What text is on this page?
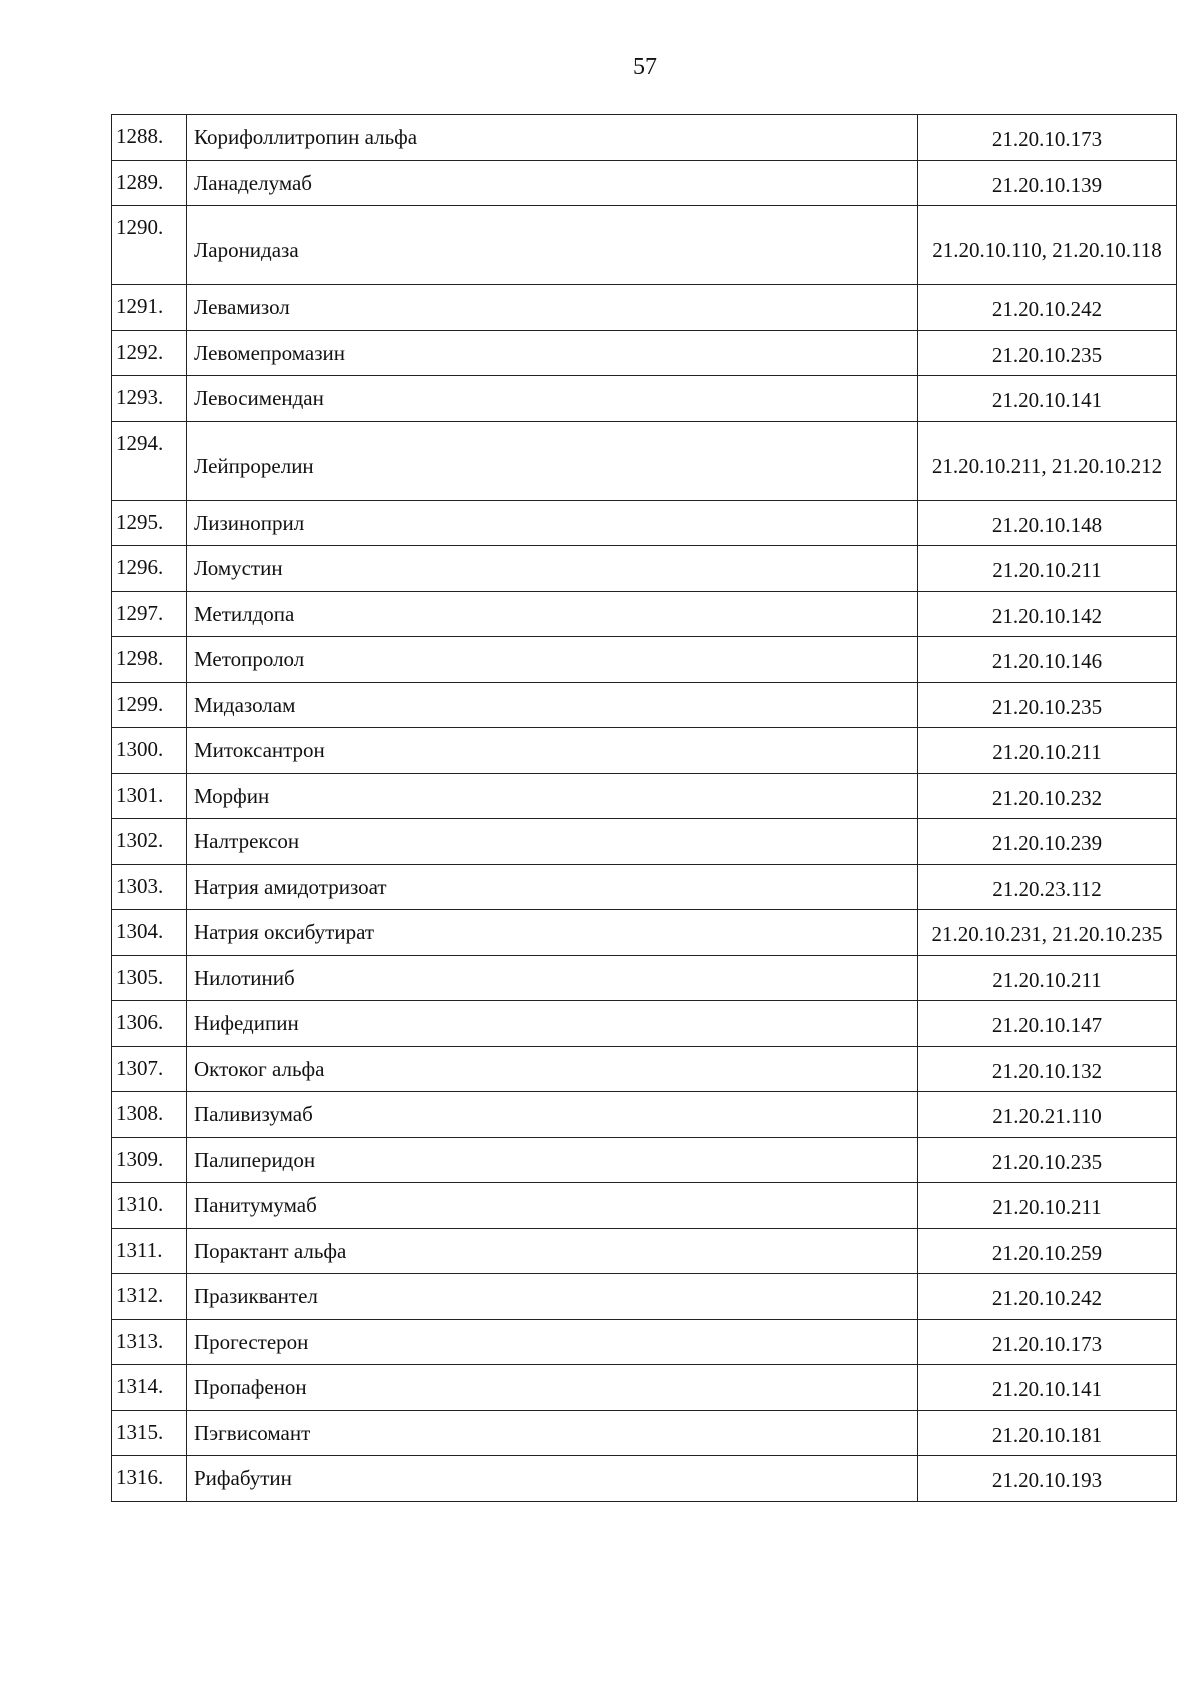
57
1288.	Корифоллитропин альфа	21.20.10.173
1289.	Ланаделумаб	21.20.10.139
1290.	Ларонидаза	21.20.10.110, 21.20.10.118
1291.	Левамизол	21.20.10.242
1292.	Левомепромазин	21.20.10.235
1293.	Левосимендан	21.20.10.141
1294.	Лейпрорелин	21.20.10.211, 21.20.10.212
1295.	Лизиноприл	21.20.10.148
1296.	Ломустин	21.20.10.211
1297.	Метилдопа	21.20.10.142
1298.	Метопролол	21.20.10.146
1299.	Мидазолам	21.20.10.235
1300.	Митоксантрон	21.20.10.211
1301.	Морфин	21.20.10.232
1302.	Налтрексон	21.20.10.239
1303.	Натрия амидотризоат	21.20.23.112
1304.	Натрия оксибутират	21.20.10.231, 21.20.10.235
1305.	Нилотиниб	21.20.10.211
1306.	Нифедипин	21.20.10.147
1307.	Октоког альфа	21.20.10.132
1308.	Паливизумаб	21.20.21.110
1309.	Палиперидон	21.20.10.235
1310.	Панитумумаб	21.20.10.211
1311.	Порактант альфа	21.20.10.259
1312.	Празиквантел	21.20.10.242
1313.	Прогестерон	21.20.10.173
1314.	Пропафенон	21.20.10.141
1315.	Пэгвисомант	21.20.10.181
1316.	Рифабутин	21.20.10.193
